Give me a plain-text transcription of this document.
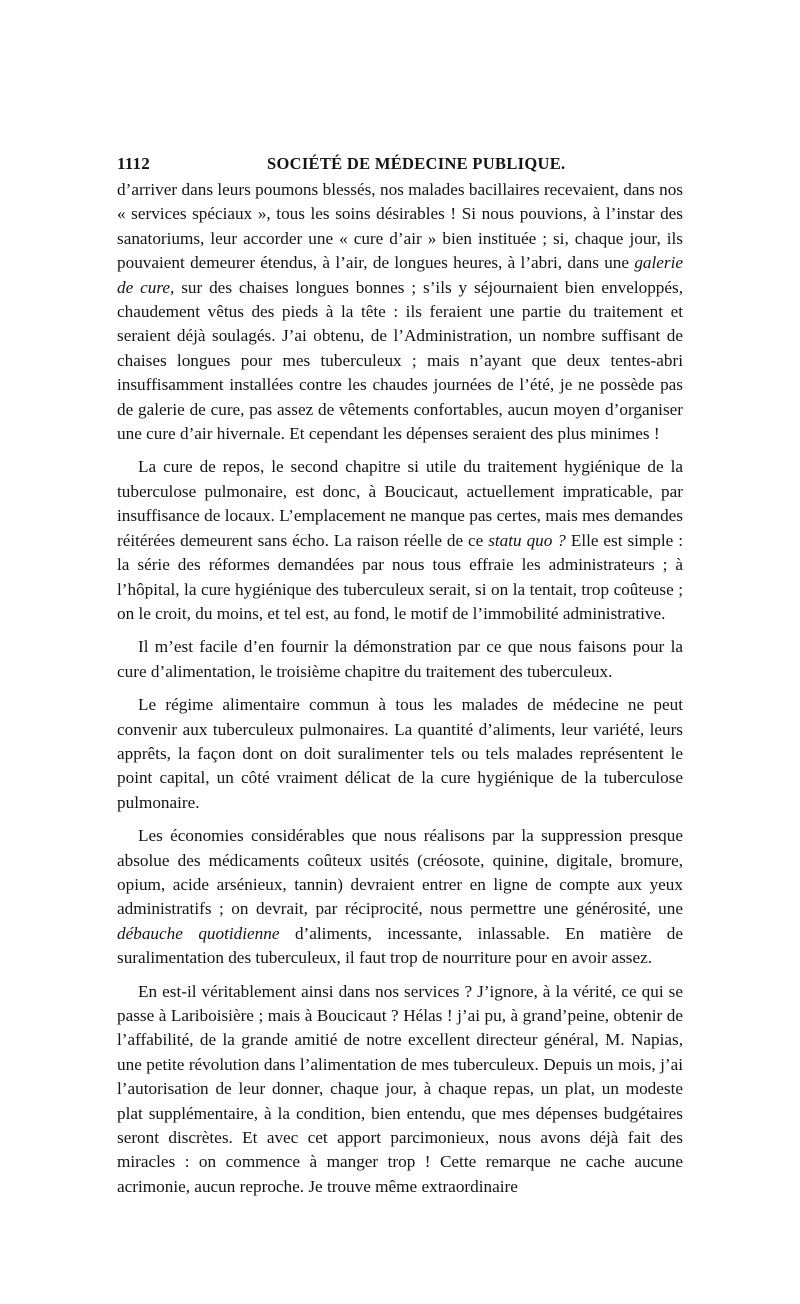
1112	SOCIÉTÉ DE MÉDECINE PUBLIQUE.

d’arriver dans leurs poumons blessés, nos malades bacillaires recevaient, dans nos « services spéciaux », tous les soins désirables ! Si nous pouvions, à l’instar des sanatoriums, leur accorder une « cure d’air » bien instituée ; si, chaque jour, ils pouvaient demeurer étendus, à l’air, de longues heures, à l’abri, dans une galerie de cure, sur des chaises longues bonnes ; s’ils y séjournaient bien enveloppés, chaudement vêtus des pieds à la tête : ils feraient une partie du traitement et seraient déjà soulagés. J’ai obtenu, de l’Administration, un nombre suffisant de chaises longues pour mes tuberculeux ; mais n’ayant que deux tentes-abri insuffisamment installées contre les chaudes journées de l’été, je ne possède pas de galerie de cure, pas assez de vêtements confortables, aucun moyen d’organiser une cure d’air hivernale. Et cependant les dépenses seraient des plus minimes !

La cure de repos, le second chapitre si utile du traitement hygiénique de la tuberculose pulmonaire, est donc, à Boucicaut, actuellement impraticable, par insuffisance de locaux. L’emplacement ne manque pas certes, mais mes demandes réitérées demeurent sans écho. La raison réelle de ce statu quo ? Elle est simple : la série des réformes demandées par nous tous effraie les administrateurs ; à l’hôpital, la cure hygiénique des tuberculeux serait, si on la tentait, trop coûteuse ; on le croit, du moins, et tel est, au fond, le motif de l’immobilité administrative.

Il m’est facile d’en fournir la démonstration par ce que nous faisons pour la cure d’alimentation, le troisième chapitre du traitement des tuberculeux.

Le régime alimentaire commun à tous les malades de médecine ne peut convenir aux tuberculeux pulmonaires. La quantité d’aliments, leur variété, leurs apprêts, la façon dont on doit suralimenter tels ou tels malades représentent le point capital, un côté vraiment délicat de la cure hygiénique de la tuberculose pulmonaire.

Les économies considérables que nous réalisons par la suppression presque absolue des médicaments coûteux usités (créosote, quinine, digitale, bromure, opium, acide arsénieux, tannin) devraient entrer en ligne de compte aux yeux administratifs ; on devrait, par réciprocité, nous permettre une générosité, une débauche quotidienne d’aliments, incessante, inlassable. En matière de suralimentation des tuberculeux, il faut trop de nourriture pour en avoir assez.

En est-il véritablement ainsi dans nos services ? J’ignore, à la vérité, ce qui se passe à Lariboisière ; mais à Boucicaut ? Hélas ! j’ai pu, à grand’peine, obtenir de l’affabilité, de la grande amitié de notre excellent directeur général, M. Napias, une petite révolution dans l’alimentation de mes tuberculeux. Depuis un mois, j’ai l’autorisation de leur donner, chaque jour, à chaque repas, un plat, un modeste plat supplémentaire, à la condition, bien entendu, que mes dépenses budgétaires seront discrètes. Et avec cet apport parcimonieux, nous avons déjà fait des miracles : on commence à manger trop ! Cette remarque ne cache aucune acrimonie, aucun reproche. Je trouve même extraordinaire
